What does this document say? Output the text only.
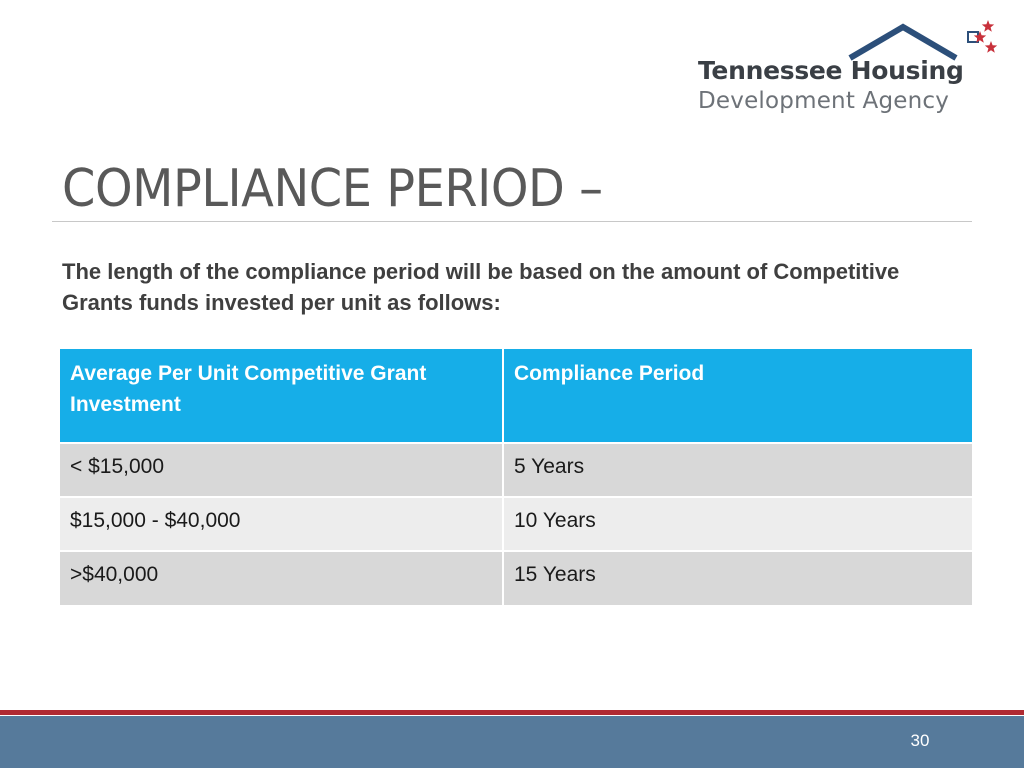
Tennessee Housing
Development Agency
COMPLIANCE PERIOD –

The length of the compliance period will be based on the amount of Competitive Grants funds invested per unit as follows:

Average Per Unit Competitive Grant Investment	Compliance Period
< $15,000	5 Years
$15,000 - $40,000	10 Years
>$40,000	15 Years
30
